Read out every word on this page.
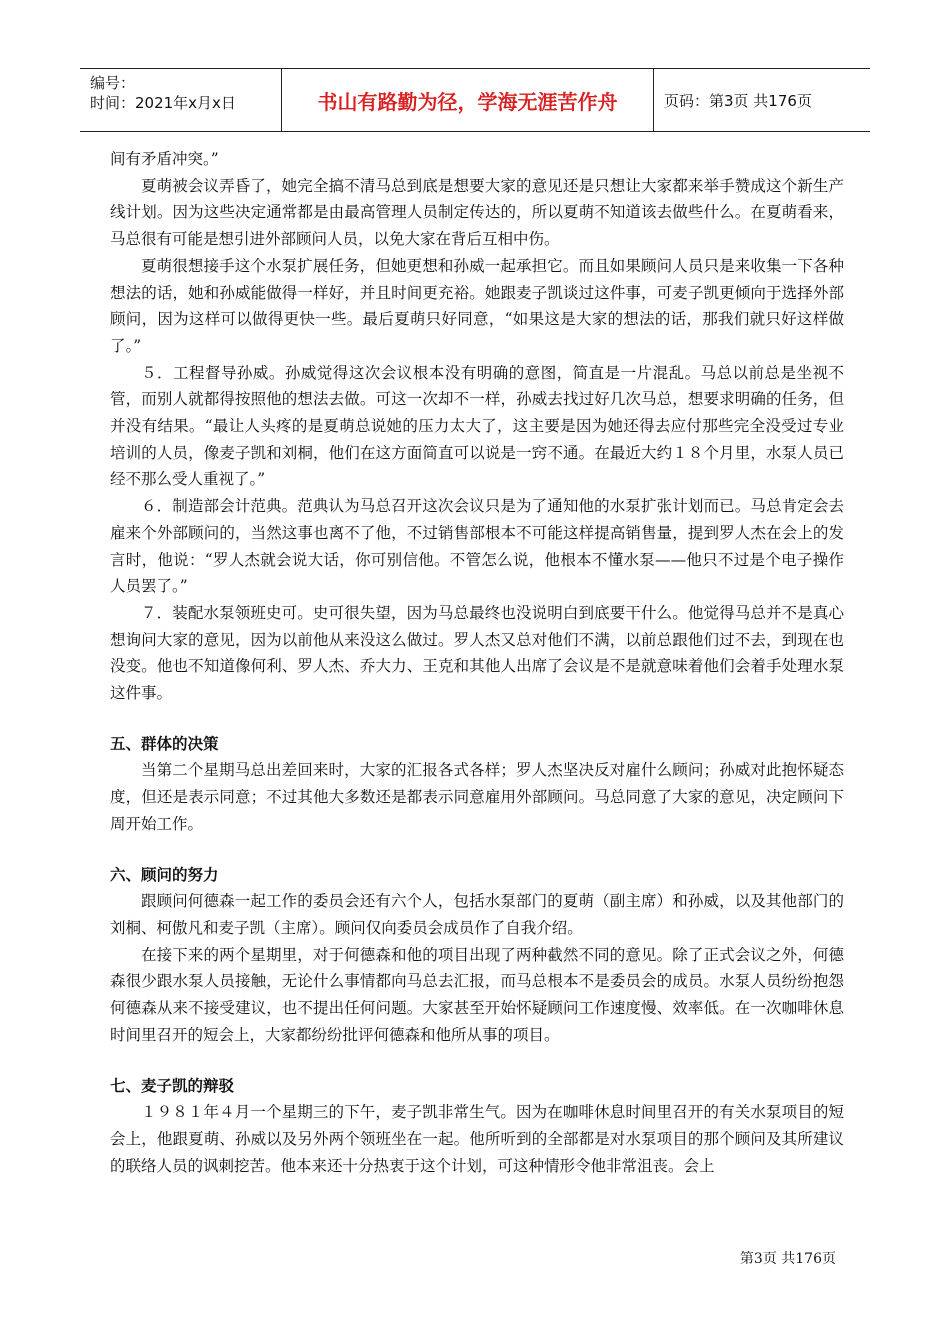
编号：
时间：2021年x月x日	书山有路勤为径，学海无涯苦作舟	页码：第3页 共176页

间有矛盾冲突。”

夏萌被会议弄昏了，她完全搞不清马总到底是想要大家的意见还是只想让大家都来举手赞成这个新生产线计划。因为这些决定通常都是由最高管理人员制定传达的，所以夏萌不知道该去做些什么。在夏萌看来，马总很有可能是想引进外部顾问人员，以免大家在背后互相中伤。

夏萌很想接手这个水泵扩展任务，但她更想和孙威一起承担它。而且如果顾问人员只是来收集一下各种想法的话，她和孙威能做得一样好，并且时间更充裕。她跟麦子凯谈过这件事，可麦子凯更倾向于选择外部顾问，因为这样可以做得更快一些。最后夏萌只好同意，“如果这是大家的想法的话，那我们就只好这样做了。”

５．工程督导孙威。孙威觉得这次会议根本没有明确的意图，简直是一片混乱。马总以前总是坐视不管，而别人就都得按照他的想法去做。可这一次却不一样，孙威去找过好几次马总，想要求明确的任务，但并没有结果。“最让人头疼的是夏萌总说她的压力太大了，这主要是因为她还得去应付那些完全没受过专业培训的人员，像麦子凯和刘桐，他们在这方面简直可以说是一窍不通。在最近大约１８个月里，水泵人员已经不那么受人重视了。”

６．制造部会计范典。范典认为马总召开这次会议只是为了通知他的水泵扩张计划而已。马总肯定会去雇来个外部顾问的，当然这事也离不了他，不过销售部根本不可能这样提高销售量，提到罗人杰在会上的发言时，他说：“罗人杰就会说大话，你可别信他。不管怎么说，他根本不懂水泵——他只不过是个电子操作人员罢了。”

７．装配水泵领班史可。史可很失望，因为马总最终也没说明白到底要干什么。他觉得马总并不是真心想询问大家的意见，因为以前他从来没这么做过。罗人杰又总对他们不满，以前总跟他们过不去，到现在也没变。他也不知道像何利、罗人杰、乔大力、王克和其他人出席了会议是不是就意味着他们会着手处理水泵这件事。

五、群体的决策

当第二个星期马总出差回来时，大家的汇报各式各样；罗人杰坚决反对雇什么顾问；孙威对此抱怀疑态度，但还是表示同意；不过其他大多数还是都表示同意雇用外部顾问。马总同意了大家的意见，决定顾问下周开始工作。

六、顾问的努力

跟顾问何德森一起工作的委员会还有六个人，包括水泵部门的夏萌（副主席）和孙威，以及其他部门的刘桐、柯傲凡和麦子凯（主席）。顾问仅向委员会成员作了自我介绍。

在接下来的两个星期里，对于何德森和他的项目出现了两种截然不同的意见。除了正式会议之外，何德森很少跟水泵人员接触，无论什么事情都向马总去汇报，而马总根本不是委员会的成员。水泵人员纷纷抱怨何德森从来不接受建议，也不提出任何问题。大家甚至开始怀疑顾问工作速度慢、效率低。在一次咖啡休息时间里召开的短会上，大家都纷纷批评何德森和他所从事的项目。

七、麦子凯的辩驳

１９８１年４月一个星期三的下午，麦子凯非常生气。因为在咖啡休息时间里召开的有关水泵项目的短会上，他跟夏萌、孙威以及另外两个领班坐在一起。他所听到的全部都是对水泵项目的那个顾问及其所建议的联络人员的讽刺挖苦。他本来还十分热衷于这个计划，可这种情形令他非常沮丧。会上

第3页 共176页
